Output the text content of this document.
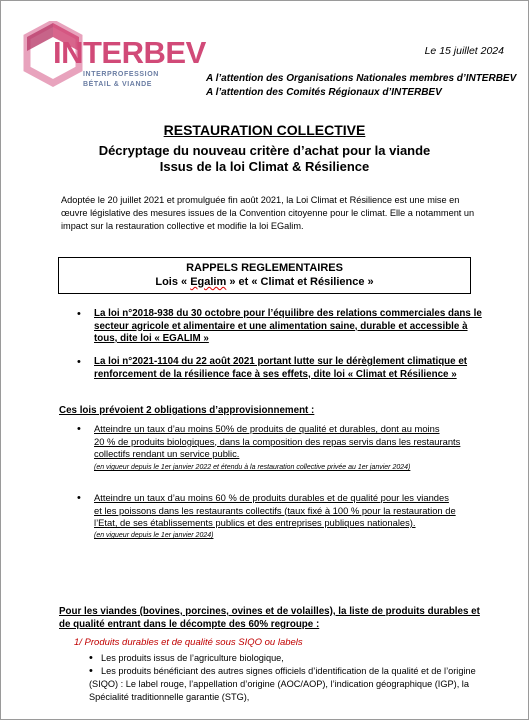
INTERBEV
INTERPROFESSION
BÉTAIL & VIANDE
Le 15 juillet 2024
A l’attention des Organisations Nationales membres d’INTERBEV
A l’attention des Comités Régionaux d’INTERBEV
RESTAURATION COLLECTIVE
Décryptage du nouveau critère d’achat pour la viande
Issus de la loi Climat & Résilience
Adoptée le 20 juillet 2021 et promulguée fin août 2021, la Loi Climat et Résilience est une mise en
œuvre législative des mesures issues de la Convention citoyenne pour le climat. Elle a notamment un
impact sur la restauration collective et modifie la loi EGalim.
RAPPELS REGLEMENTAIRES
Lois « Egalim » et « Climat et Résilience »
• La loi n°2018-938 du 30 octobre pour l’équilibre des relations commerciales dans le
secteur agricole et alimentaire et une alimentation saine, durable et accessible à
tous, dite loi « EGALIM »
• La loi n°2021-1104 du 22 août 2021 portant lutte sur le dérèglement climatique et
renforcement de la résilience face à ses effets, dite loi « Climat et Résilience »
Ces lois prévoient 2 obligations d’approvisionnement :
• Atteindre un taux d’au moins 50% de produits de qualité et durables, dont au moins
20 % de produits biologiques, dans la composition des repas servis dans les restaurants
collectifs rendant un service public.
(en vigueur depuis le 1er janvier 2022 et étendu à la restauration collective privée au 1er janvier 2024)
• Atteindre un taux d’au moins 60 % de produits durables et de qualité pour les viandes
et les poissons dans les restaurants collectifs (taux fixé à 100 % pour la restauration de
l’Etat, de ses établissements publics et des entreprises publiques nationales).
(en vigueur depuis le 1er janvier 2024)
Pour les viandes (bovines, porcines, ovines et de volailles), la liste de produits durables et
de qualité entrant dans le décompte des 60% regroupe :
1/ Produits durables et de qualité sous SIQO ou labels
• Les produits issus de l’agriculture biologique,
• Les produits bénéficiant des autres signes officiels d’identification de la qualité et de l’origine
(SIQO) : Le label rouge, l’appellation d’origine (AOC/AOP), l’indication géographique (IGP), la
Spécialité traditionnelle garantie (STG),
